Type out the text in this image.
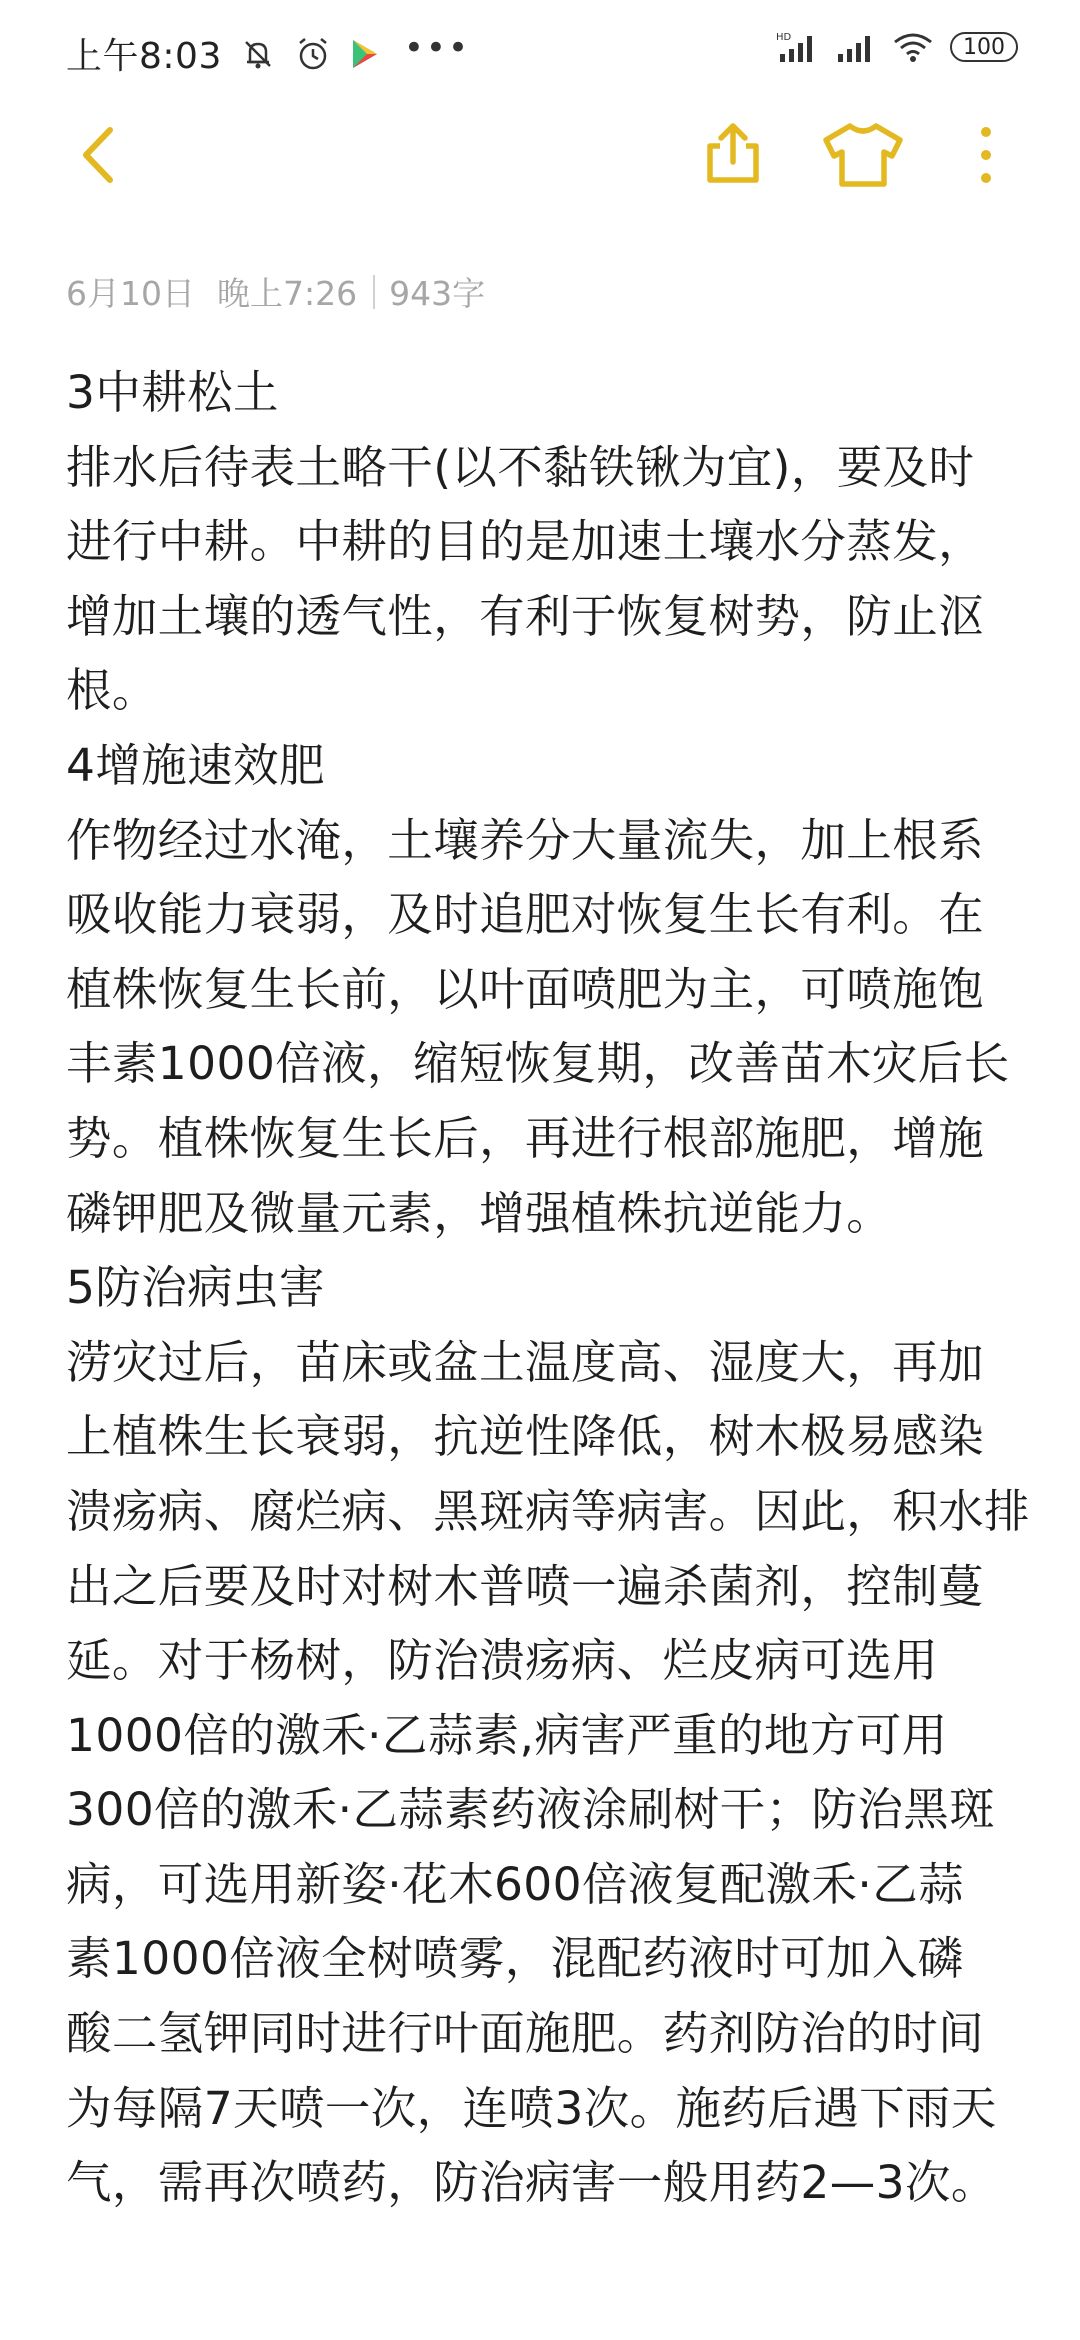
上午8:03	•••	HD	100
6月10日 晚上7:26 943字
3中耕松土
排水后待表土略干(以不黏铁锹为宜)，要及时
进行中耕。中耕的目的是加速土壤水分蒸发，
增加土壤的透气性，有利于恢复树势，防止沤
根。
4增施速效肥
作物经过水淹，土壤养分大量流失，加上根系
吸收能力衰弱，及时追肥对恢复生长有利。在
植株恢复生长前，以叶面喷肥为主，可喷施饱
丰素1000倍液，缩短恢复期，改善苗木灾后长
势。植株恢复生长后，再进行根部施肥，增施
磷钾肥及微量元素，增强植株抗逆能力。
5防治病虫害
涝灾过后，苗床或盆土温度高、湿度大，再加
上植株生长衰弱，抗逆性降低，树木极易感染
溃疡病、腐烂病、黑斑病等病害。因此，积水排
出之后要及时对树木普喷一遍杀菌剂，控制蔓
延。对于杨树，防治溃疡病、烂皮病可选用
1000倍的激禾·乙蒜素,病害严重的地方可用
300倍的激禾·乙蒜素药液涂刷树干；防治黑斑
病，可选用新姿·花木600倍液复配激禾·乙蒜
素1000倍液全树喷雾，混配药液时可加入磷
酸二氢钾同时进行叶面施肥。药剂防治的时间
为每隔7天喷一次，连喷3次。施药后遇下雨天
气，需再次喷药，防治病害一般用药2—3次。
